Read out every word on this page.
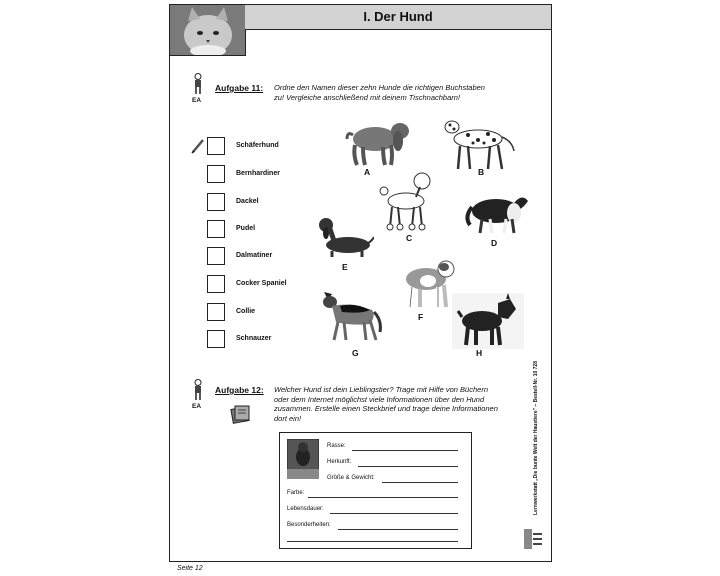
I. Der Hund
EA
Aufgabe 11: Ordne den Namen dieser zehn Hunde die richtigen Buchstaben
zu! Vergleiche anschließend mit deinem Tischnachbarn!
Schäferhund
Bernhardiner
Dackel
Pudel
Dalmatiner
Cocker Spaniel
Collie
Schnauzer
A	B
C	D
E
F
G	H
EA
Aufgabe 12: Welcher Hund ist dein Lieblingstier? Trage mit Hilfe von Büchern
oder dem Internet möglichst viele Informationen über den Hund
zusammen. Erstelle einen Steckbrief und trage deine Informationen
dort ein!
Rasse:
Herkunft:
Größe & Gewicht:
Farbe:
Lebensdauer:
Besonderheiten:
Lernwerkstatt „Die bunte Welt der Haustiere" – Bestell-Nr. 10 728
Seite 12
